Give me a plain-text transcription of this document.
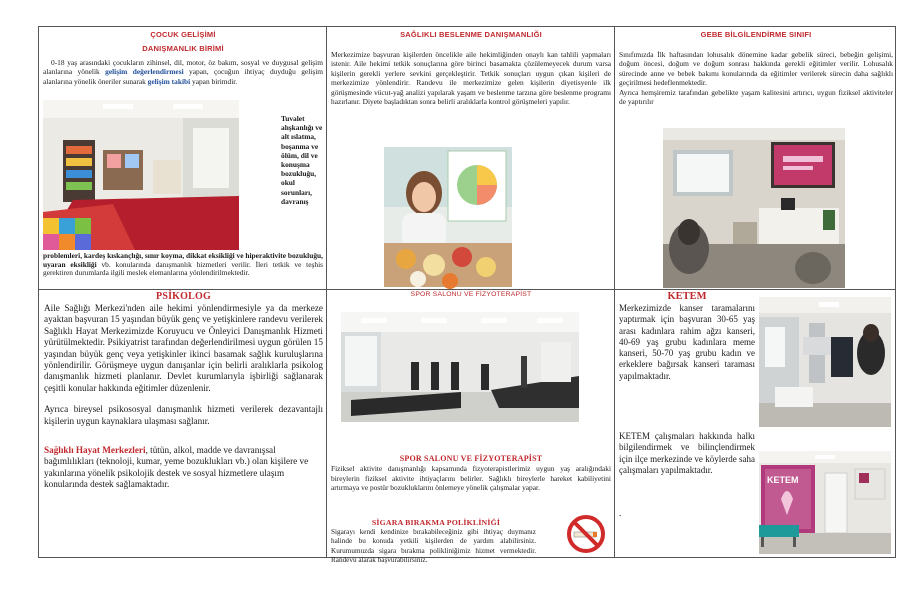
ÇOCUK GELİŞİMİ
DANIŞMANLIK BİRİMİ

0-18 yaş arasındaki çocukların zihinsel, dil, motor, öz bakım, sosyal ve duygusal gelişim alanlarına yönelik gelişim değerlendirmesi yapan, çocuğun ihtiyaç duyduğu gelişim alanlarına yönelik öneriler sunarak gelişim takibi yapan birimdir.

Tuvalet alışkanlığı ve alt ıslatma, boşanma ve ölüm, dil ve konuşma bozukluğu, okul sorunları, davranış

problemleri, kardeş kıskançlığı, sınır koyma, dikkat eksikliği ve hiperaktivite bozukluğu, uyaran eksikliği vb. konularında danışmanlık hizmetleri verilir. İleri tetkik ve teşhis gerektiren durumlarda ilgili meslek elemanlarına yönlendirilmektedir.

SAĞLIKLI BESLENME DANIŞMANLIĞI

Merkezimize başvuran kişilerden öncelikle aile hekimliğinden onaylı kan tahlili yapmaları istenir. Aile hekimi tetkik sonuçlarına göre birinci basamakta çözülemeyecek durum varsa kişilerin gerekli yerlere sevkini gerçekleştirir. Tetkik sonuçları uygun çıkan kişileri de merkezimize yönlendirir. Randevu ile merkezimize gelen kişilerin diyetisyenle ilk görüşmesinde vücut-yağ analizi yapılarak yaşam ve beslenme tarzına göre beslenme programı hazırlanır. Diyete başladıktan sonra belirli aralıklarla kontrol görüşmeleri yapılır.

GEBE BİLGİLENDİRME SINIFI

Sınıfımızda İlk haftasından lohusalık dönemine kadar gebelik süreci, bebeğin gelişimi, doğum öncesi, doğum ve doğum sonrası hakkında gerekli eğitimler verilir. Lohusalık sürecinde anne ve bebek bakımı konularında da eğitimler verilerek sürecin daha sağlıklı geçirilmesi hedeflenmektedir.

Ayrıca hemşiremiz tarafından gebelikte yaşam kalitesini artırıcı, uygun fiziksel aktiviteler de yaptırılır

PSİKOLOG

Aile Sağlığı Merkezi'nden aile hekimi yönlendirmesiyle ya da merkeze ayaktan başvuran 15 yaşından büyük genç ve yetişkinlere randevu verilerek Sağlıklı Hayat Merkezimizde Koruyucu ve Önleyici Danışmanlık Hizmeti yürütülmektedir. Psikiyatrist tarafından değerlendirilmesi uygun görülen 15 yaşından büyük genç veya yetişkinler ikinci basamak sağlık kuruluşlarına yönlendirilir. Görüşmeye uygun danışanlar için belirli aralıklarla psikolog danışmanlık hizmeti planlanır. Devlet kurumlarıyla işbirliği sağlanarak çeşitli konular hakkında eğitimler düzenlenir.

Ayrıca bireysel psikososyal danışmanlık hizmeti verilerek dezavantajlı kişilerin uygun kaynaklara ulaşması sağlanır.

Sağlıklı Hayat Merkezleri, tütün, alkol, madde ve davranışsal bağımlılıkları (teknoloji, kumar, yeme bozuklukları vb.) olan kişilere ve yakınlarına yönelik psikolojik destek ve sosyal hizmetlere ulaşım konularında destek sağlamaktadır.

SPOR SALONU VE FİZYOTERAPİST
SPOR SALONU VE FİZYOTERAPİST

Fiziksel aktivite danışmanlığı kapsamında fizyoterapistlerimiz uygun yaş aralığındaki bireylerin fiziksel aktivite ihtiyaçlarını belirler. Sağlıklı bireylerle hareket kabiliyetini artırmaya ve postür bozukluklarını önlemeye yönelik çalışmalar yapar.

SİGARA BIRAKMA POLİKLİNİĞİ

Sigarayı kendi kendinize bırakabileceğiniz gibi ihtiyaç duymanız halinde bu konuda yetkili kişilerden de yardım alabilirsiniz. Kurumumuzda sigara bırakma polikliniğimiz hizmet vermektedir. Randevu alarak başvurabilirsiniz.

KETEM

Merkezimizde kanser taramalarını yaptırmak için başvuran 30-65 yaş arası kadınlara rahim ağzı kanseri, 40-69 yaş grubu kadınlara meme kanseri, 50-70 yaş grubu kadın ve erkeklere bağırsak kanseri taraması yapılmaktadır.

KETEM çalışmaları hakkında halkı bilgilendirmek ve bilinçlendirmek için ilçe merkezinde ve köylerde saha çalışmaları yapılmaktadır.

.

KETEM
